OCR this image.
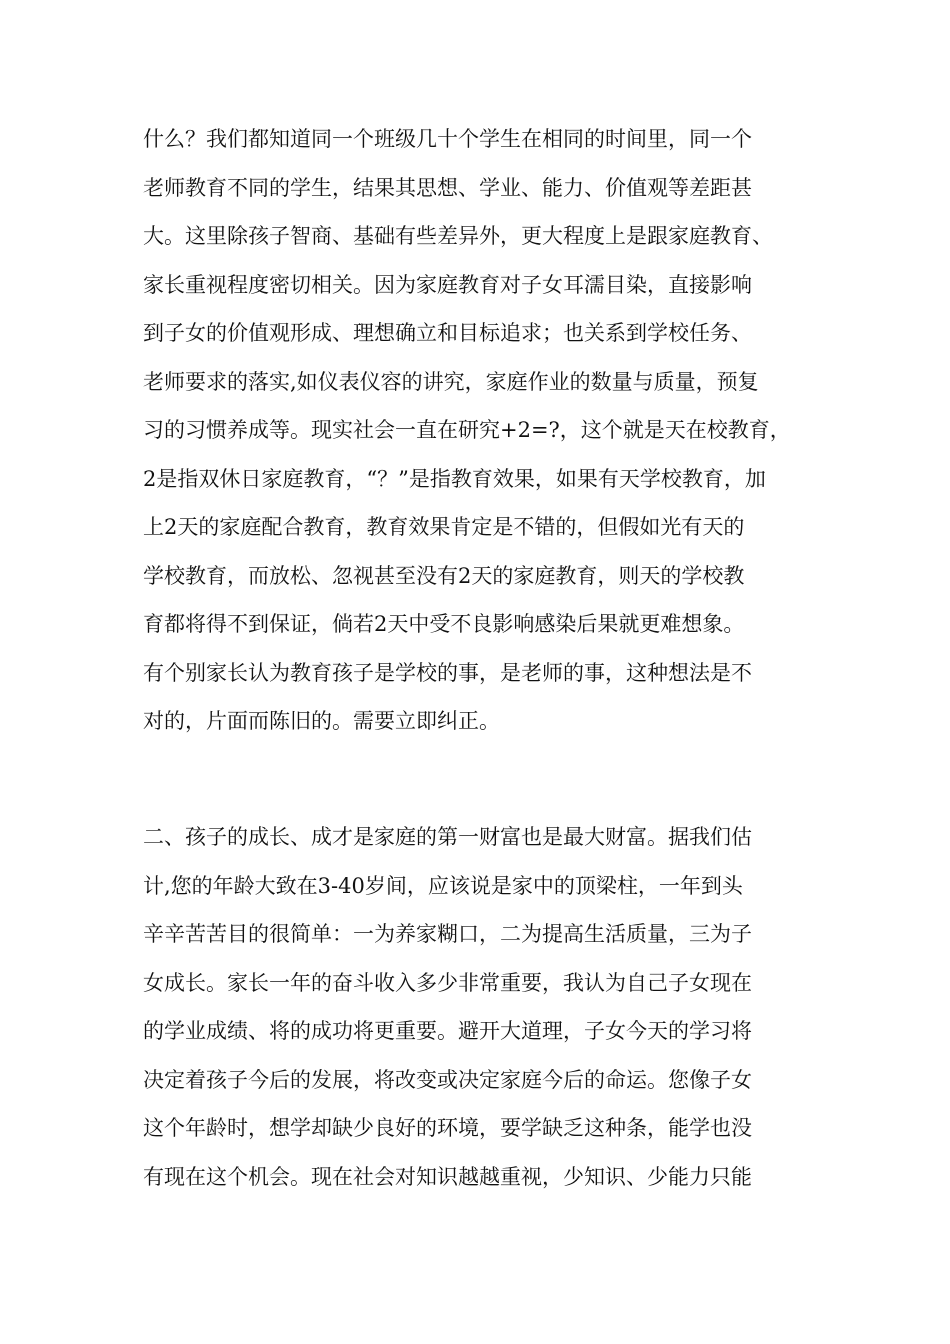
什么？我们都知道同一个班级几十个学生在相同的时间里，同一个
老师教育不同的学生，结果其思想、学业、能力、价值观等差距甚
大。这里除孩子智商、基础有些差异外，更大程度上是跟家庭教育、
家长重视程度密切相关。因为家庭教育对子女耳濡目染，直接影响
到子女的价值观形成、理想确立和目标追求；也关系到学校任务、
老师要求的落实,如仪表仪容的讲究，家庭作业的数量与质量，预复
习的习惯养成等。现实社会一直在研究+2=?，这个就是天在校教育，
2是指双休日家庭教育，“？”是指教育效果，如果有天学校教育，加
上2天的家庭配合教育，教育效果肯定是不错的，但假如光有天的
学校教育，而放松、忽视甚至没有2天的家庭教育，则天的学校教
育都将得不到保证，倘若2天中受不良影响感染后果就更难想象。
有个别家长认为教育孩子是学校的事，是老师的事，这种想法是不
对的，片面而陈旧的。需要立即纠正。
二、孩子的成长、成才是家庭的第一财富也是最大财富。据我们估
计,您的年龄大致在3-40岁间，应该说是家中的顶梁柱，一年到头
辛辛苦苦目的很简单：一为养家糊口，二为提高生活质量，三为子
女成长。家长一年的奋斗收入多少非常重要，我认为自己子女现在
的学业成绩、将的成功将更重要。避开大道理，子女今天的学习将
决定着孩子今后的发展，将改变或决定家庭今后的命运。您像子女
这个年龄时，想学却缺少良好的环境，要学缺乏这种条，能学也没
有现在这个机会。现在社会对知识越越重视，少知识、少能力只能
